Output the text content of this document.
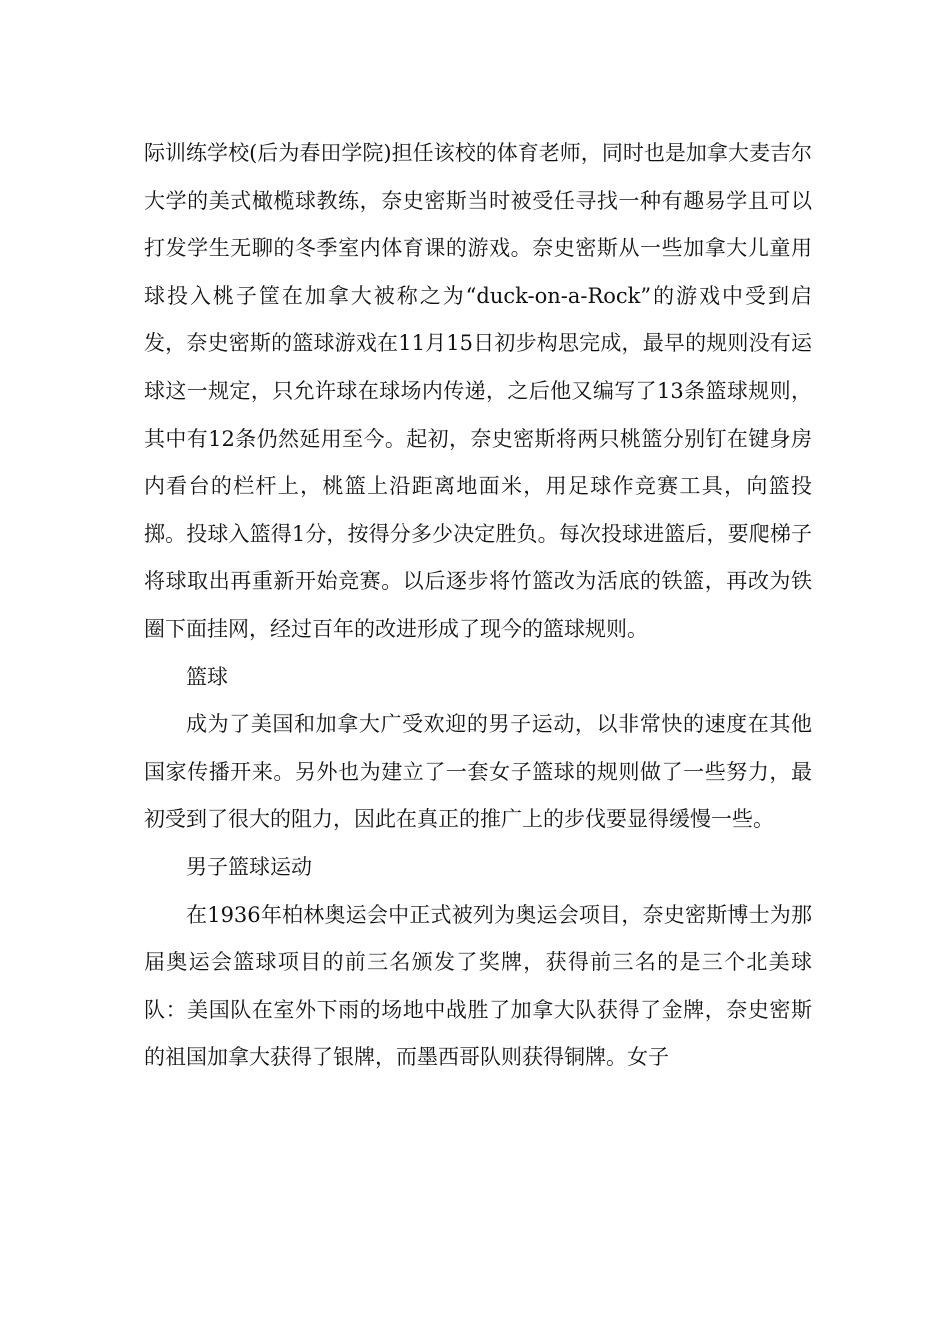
际训练学校(后为春田学院)担任该校的体育老师，同时也是加拿大麦吉尔大学的美式橄榄球教练，奈史密斯当时被受任寻找一种有趣易学且可以打发学生无聊的冬季室内体育课的游戏。奈史密斯从一些加拿大儿童用球投入桃子筐在加拿大被称之为“duck-on-a-Rock”的游戏中受到启发，奈史密斯的篮球游戏在11月15日初步构思完成，最早的规则没有运球这一规定，只允许球在球场内传递，之后他又编写了13条篮球规则，其中有12条仍然延用至今。起初，奈史密斯将两只桃篮分别钉在键身房内看台的栏杆上，桃篮上沿距离地面米，用足球作竞赛工具，向篮投掷。投球入篮得1分，按得分多少决定胜负。每次投球进篮后，要爬梯子将球取出再重新开始竞赛。以后逐步将竹篮改为活底的铁篮，再改为铁圈下面挂网，经过百年的改进形成了现今的篮球规则。

篮球

成为了美国和加拿大广受欢迎的男子运动，以非常快的速度在其他国家传播开来。另外也为建立了一套女子篮球的规则做了一些努力，最初受到了很大的阻力，因此在真正的推广上的步伐要显得缓慢一些。

男子篮球运动

在1936年柏林奥运会中正式被列为奥运会项目，奈史密斯博士为那届奥运会篮球项目的前三名颁发了奖牌，获得前三名的是三个北美球队：美国队在室外下雨的场地中战胜了加拿大队获得了金牌，奈史密斯的祖国加拿大获得了银牌，而墨西哥队则获得铜牌。女子
